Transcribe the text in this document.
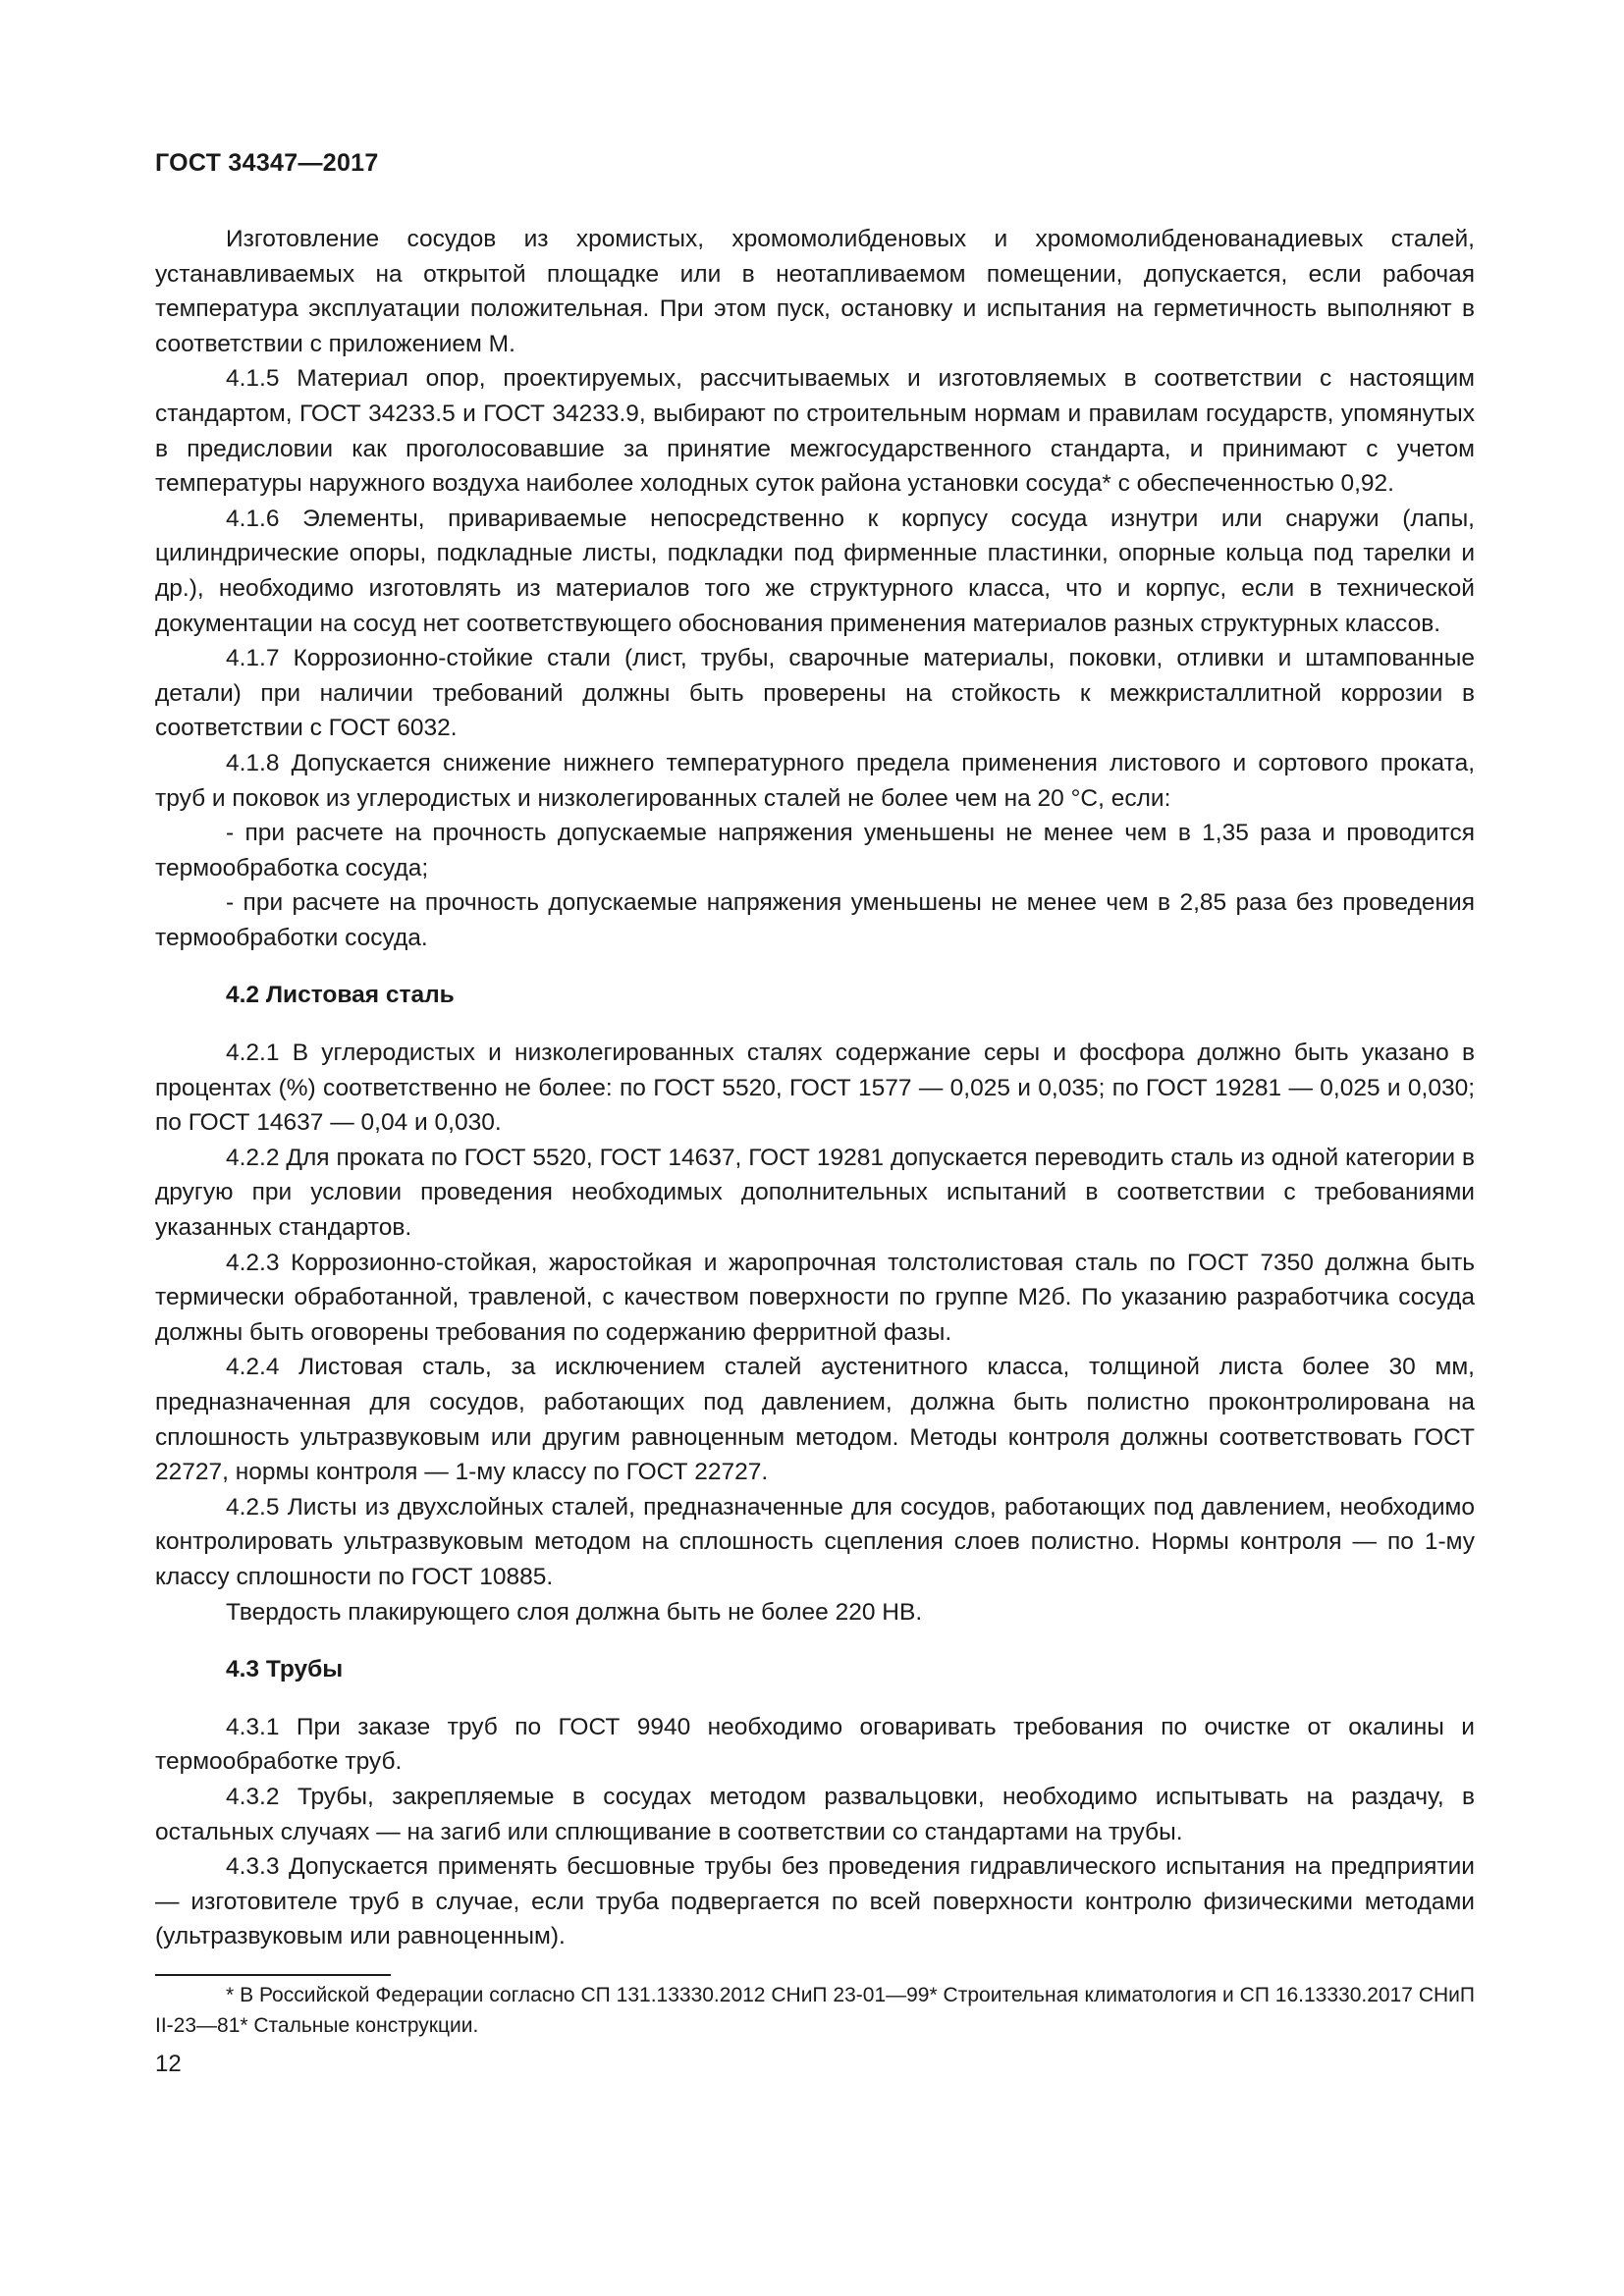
ГОСТ 34347—2017

Изготовление сосудов из хромистых, хромомолибденовых и хромомолибденованадиевых сталей, устанавливаемых на открытой площадке или в неотапливаемом помещении, допускается, если рабочая температура эксплуатации положительная. При этом пуск, остановку и испытания на герметичность выполняют в соответствии с приложением М.

4.1.5 Материал опор, проектируемых, рассчитываемых и изготовляемых в соответствии с настоящим стандартом, ГОСТ 34233.5 и ГОСТ 34233.9, выбирают по строительным нормам и правилам государств, упомянутых в предисловии как проголосовавшие за принятие межгосударственного стандарта, и принимают с учетом температуры наружного воздуха наиболее холодных суток района установки сосуда* с обеспеченностью 0,92.

4.1.6 Элементы, привариваемые непосредственно к корпусу сосуда изнутри или снаружи (лапы, цилиндрические опоры, подкладные листы, подкладки под фирменные пластинки, опорные кольца под тарелки и др.), необходимо изготовлять из материалов того же структурного класса, что и корпус, если в технической документации на сосуд нет соответствующего обоснования применения материалов разных структурных классов.

4.1.7 Коррозионно-стойкие стали (лист, трубы, сварочные материалы, поковки, отливки и штампованные детали) при наличии требований должны быть проверены на стойкость к межкристаллитной коррозии в соответствии с ГОСТ 6032.

4.1.8 Допускается снижение нижнего температурного предела применения листового и сортового проката, труб и поковок из углеродистых и низколегированных сталей не более чем на 20 °С, если:

- при расчете на прочность допускаемые напряжения уменьшены не менее чем в 1,35 раза и проводится термообработка сосуда;

- при расчете на прочность допускаемые напряжения уменьшены не менее чем в 2,85 раза без проведения термообработки сосуда.

4.2 Листовая сталь

4.2.1 В углеродистых и низколегированных сталях содержание серы и фосфора должно быть указано в процентах (%) соответственно не более: по ГОСТ 5520, ГОСТ 1577 — 0,025 и 0,035; по ГОСТ 19281 — 0,025 и 0,030; по ГОСТ 14637 — 0,04 и 0,030.

4.2.2 Для проката по ГОСТ 5520, ГОСТ 14637, ГОСТ 19281 допускается переводить сталь из одной категории в другую при условии проведения необходимых дополнительных испытаний в соответствии с требованиями указанных стандартов.

4.2.3 Коррозионно-стойкая, жаростойкая и жаропрочная толстолистовая сталь по ГОСТ 7350 должна быть термически обработанной, травленой, с качеством поверхности по группе М2б. По указанию разработчика сосуда должны быть оговорены требования по содержанию ферритной фазы.

4.2.4 Листовая сталь, за исключением сталей аустенитного класса, толщиной листа более 30 мм, предназначенная для сосудов, работающих под давлением, должна быть полистно проконтролирована на сплошность ультразвуковым или другим равноценным методом. Методы контроля должны соответствовать ГОСТ 22727, нормы контроля — 1-му классу по ГОСТ 22727.

4.2.5 Листы из двухслойных сталей, предназначенные для сосудов, работающих под давлением, необходимо контролировать ультразвуковым методом на сплошность сцепления слоев полистно. Нормы контроля — по 1-му классу сплошности по ГОСТ 10885.

Твердость плакирующего слоя должна быть не более 220 НВ.

4.3 Трубы

4.3.1 При заказе труб по ГОСТ 9940 необходимо оговаривать требования по очистке от окалины и термообработке труб.

4.3.2 Трубы, закрепляемые в сосудах методом развальцовки, необходимо испытывать на раздачу, в остальных случаях — на загиб или сплющивание в соответствии со стандартами на трубы.

4.3.3 Допускается применять бесшовные трубы без проведения гидравлического испытания на предприятии — изготовителе труб в случае, если труба подвергается по всей поверхности контролю физическими методами (ультразвуковым или равноценным).

* В Российской Федерации согласно СП 131.13330.2012 СНиП 23-01—99* Строительная климатология и СП 16.13330.2017 СНиП II-23—81* Стальные конструкции.

12
